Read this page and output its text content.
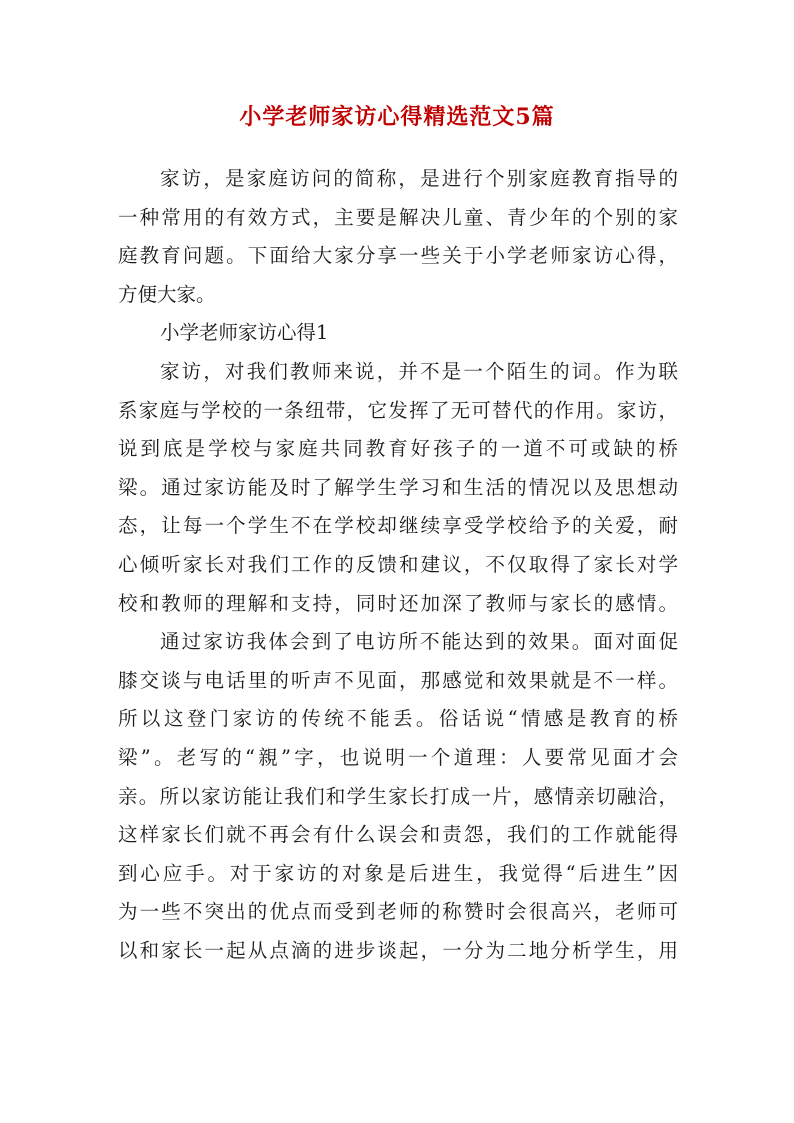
小学老师家访心得精选范文5篇
家访，是家庭访问的简称，是进行个别家庭教育指导的
一种常用的有效方式，主要是解决儿童、青少年的个别的家
庭教育问题。下面给大家分享一些关于小学老师家访心得，
方便大家。
小学老师家访心得1
家访，对我们教师来说，并不是一个陌生的词。作为联
系家庭与学校的一条纽带，它发挥了无可替代的作用。家访，
说到底是学校与家庭共同教育好孩子的一道不可或缺的桥
梁。通过家访能及时了解学生学习和生活的情况以及思想动
态，让每一个学生不在学校却继续享受学校给予的关爱，耐
心倾听家长对我们工作的反馈和建议，不仅取得了家长对学
校和教师的理解和支持，同时还加深了教师与家长的感情。
通过家访我体会到了电访所不能达到的效果。面对面促
膝交谈与电话里的听声不见面，那感觉和效果就是不一样。
所以这登门家访的传统不能丢。俗话说“情感是教育的桥
梁”。老写的“親”字，也说明一个道理：人要常见面才会
亲。所以家访能让我们和学生家长打成一片，感情亲切融洽，
这样家长们就不再会有什么误会和责怨，我们的工作就能得
到心应手。对于家访的对象是后进生，我觉得“后进生”因
为一些不突出的优点而受到老师的称赞时会很高兴，老师可
以和家长一起从点滴的进步谈起，一分为二地分析学生，用
